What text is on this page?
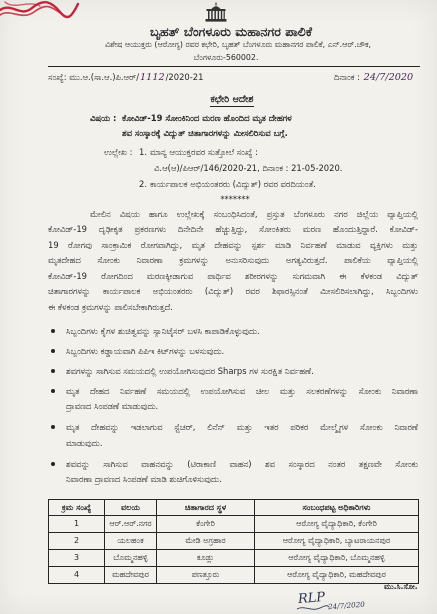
ಬೃಹತ್ ಬೆಂಗಳೂರು ಮಹಾನಗರ ಪಾಲಿಕೆ
ವಿಶೇಷ ಆಯುಕ್ತರು (ಆರೋಗ್ಯ) ರವರ ಕಛೇರಿ, ಬೃಹತ್ ಬೆಂಗಳೂರು ಮಹಾನಗರ ಪಾಲಿಕೆ, ಎನ್.ಆರ್.ಚೌಕ,
ಬೆಂಗಳೂರು-560002.
ಸಂಖ್ಯೆ: ಮು.ಆ.(ಸಾ.ಆ.)ಪಿ.ಆರ್/1112/2020-21	ದಿನಾಂಕ : 24/7/2020
ಕಛೇರಿ ಆದೇಶ
ವಿಷಯ : ಕೋವಿಡ್-19 ಸೋಂಕಿನಿಂದ ಮರಣ ಹೊಂದಿದ ಮೃತ ದೇಹಗಳ
ಶವ ಸಂಸ್ಕಾರಕ್ಕೆ ವಿದ್ಯುತ್ ಚಿತಾಗಾರಗಳನ್ನು ಮೀಸಲಿರಿಸುವ ಬಗ್ಗೆ.
ಉಲ್ಲೇಖ : 1. ಮಾನ್ಯ ಆಯುಕ್ತರವರ ಸುತ್ತೋಲೆ ಸಂಖ್ಯೆ :
ವಿ.ಆ(ಆ)/ಪಿಆರ್/146/2020-21, ದಿನಾಂಕ : 21-05-2020.
2. ಕಾರ್ಯಪಾಲಕ ಅಭಿಯಂತರರು (ವಿದ್ಯುತ್) ರವರ ವರದಿಯಂತೆ.
*******
ಮೇಲಿನ ವಿಷಯ ಹಾಗೂ ಉಲ್ಲೇಖಕ್ಕೆ ಸಂಬಂಧಿಸಿದಂತೆ, ಪ್ರಸ್ತುತ ಬೆಂಗಳೂರು ನಗರ ಜಿಲ್ಲೆಯ ವ್ಯಾಪ್ತಿಯಲ್ಲಿ
ಕೋವಿಡ್-19 ದೃಢೀಕೃತ ಪ್ರಕರಣಗಳು ದಿನೇದಿನೇ ಹೆಚ್ಚುತ್ತಿದ್ದು, ಸೋಂಕಿತರು ಮರಣ ಹೊಂದುತ್ತಿದ್ದಾರೆ. ಕೋವಿಡ್-
19 ರೋಗವು ಸಾಂಕ್ರಾಮಿಕ ರೋಗವಾಗಿದ್ದು, ಮೃತ ದೇಹವನ್ನು ಸ್ಪರ್ಶ ಮಾಡಿ ನಿರ್ವಹಣೆ ಮಾಡುವ ವ್ಯಕ್ತಿಗಳು ಮತ್ತು
ಮೃತದೇಹದ ಸೋಂಕು ನಿವಾರಣಾ ಕ್ರಮಗಳನ್ನು ಅನುಸರಿಸುವುದು ಅಗತ್ಯವಿರುತ್ತದೆ. ಪಾಲಿಕೆಯ ವ್ಯಾಪ್ತಿಯಲ್ಲಿ
ಕೋವಿಡ್-19 ರೋಗದಿಂದ ಮರಣಕ್ಕೀಡಾಗುವ ಪಾರ್ಥಿವ ಶರೀರಗಳನ್ನು ಸುಗಮವಾಗಿ ಈ ಕೆಳಕಂಡ ವಿದ್ಯುತ್
ಚಿತಾಗಾರಗಳನ್ನು ಕಾರ್ಯಪಾಲಕ ಅಭಿಯಂತರರು (ವಿದ್ಯುತ್) ರವರ ಶಿಫಾರಸ್ಸಿನಂತೆ ಮೀಸಲಿರಿಸಲಾಗಿದ್ದು, ಸಿಬ್ಬಂದಿಗಳು
ಈ ಕೆಳಕಂಡ ಕ್ರಮಗಳನ್ನು ಪಾಲಿಸಬೇಕಾಗಿರುತ್ತದೆ.
ಸಿಬ್ಬಂದಿಗಳು ಕೈಗಳ ಶುಚಿತ್ವವನ್ನು ಸ್ಯಾನಿಟೈಸರ್ ಬಳಸಿ ಕಾಪಾಡಿಕೊಳ್ಳುವುದು.
ಸಿಬ್ಬಂದಿಗಳು ಕಡ್ಡಾಯವಾಗಿ ಪಿಪಿಇ ಕಿಟ್‌ಗಳನ್ನು ಬಳಸುವುದು.
ಶವಗಳನ್ನು ಸಾಗಿಸುವ ಸಮಯದಲ್ಲಿ ಉಪಯೋಗಿಸುವುದರ Sharps ಗಳ ಸುರಕ್ಷಿತ ನಿರ್ವಹಣೆ.
ಮೃತ ದೇಹದ ನಿರ್ವಹಣೆ ಸಮಯದಲ್ಲಿ ಉಪಯೋಗಿಸುವ ಚೀಲ ಮತ್ತು ಸಲಕರಣೆಗಳನ್ನು ಸೋಂಕು ನಿವಾರಣಾ
ದ್ರಾವಣದ ಸಿಂಪಡಣೆ ಮಾಡುವುದು.
ಮೃತ ದೇಹವನ್ನು ಇಡಲಾಗುವ ಸ್ಟ್ರೆಚರ್, ಲಿನೆನ್ ಮತ್ತು ಇತರ ಪರಿಕರ ಮೇಲ್ಮೈಗಳ ಸೋಂಕು ನಿವಾರಣೆ
ಮಾಡುವುದು.
ಶವವನ್ನು ಸಾಗಿಸುವ ವಾಹನವನ್ನು (ಟಿರಾಕಾಣಿ ವಾಹನ) ಶವ ಸಂಸ್ಕಾರದ ನಂತರ ತಕ್ಷಣವೇ ಸೋಂಕು
ನಿವಾರಣಾ ದ್ರಾವಣದ ಸಿಂಪಡಣೆ ಮಾಡಿ ಶುಚಿಗೊಳಿಸುವುದು.
ಕ್ರಮ ಸಂಖ್ಯೆ	ವಲಯ	ಚಿತಾಗಾರದ ಸ್ಥಳ	ಸಂಬಂಧಪಟ್ಟ ಅಧಿಕಾರಿಗಳು

1	ಆರ್.ಆರ್.ನಗರ	ಕೆಂಗೇರಿ	ಆರೋಗ್ಯ ವೈದ್ಯಾಧಿಕಾರಿ, ಕೆಂಗೇರಿ

2	ಯಲಹಂಕ	ಮೇಡಿ ಅಗ್ರಹಾರ	ಆರೋಗ್ಯ ವೈದ್ಯಾಧಿಕಾರಿ, ಬ್ಯಾಟರಾಯನಪುರ

3	ಬೊಮ್ಮನಹಳ್ಳಿ	ಕೂಡ್ಲು	ಆರೋಗ್ಯ ವೈದ್ಯಾಧಿಕಾರಿ, ಬೊಮ್ಮನಹಳ್ಳಿ

4	ಮಹದೇವಪುರ	ಪಣತ್ತೂರು	ಆರೋಗ್ಯ ವೈದ್ಯಾಧಿಕಾರಿ, ಮಹದೇವಪುರ
ಮು.ಸಿ.ಸೋ.
RLP 24/7/2020
